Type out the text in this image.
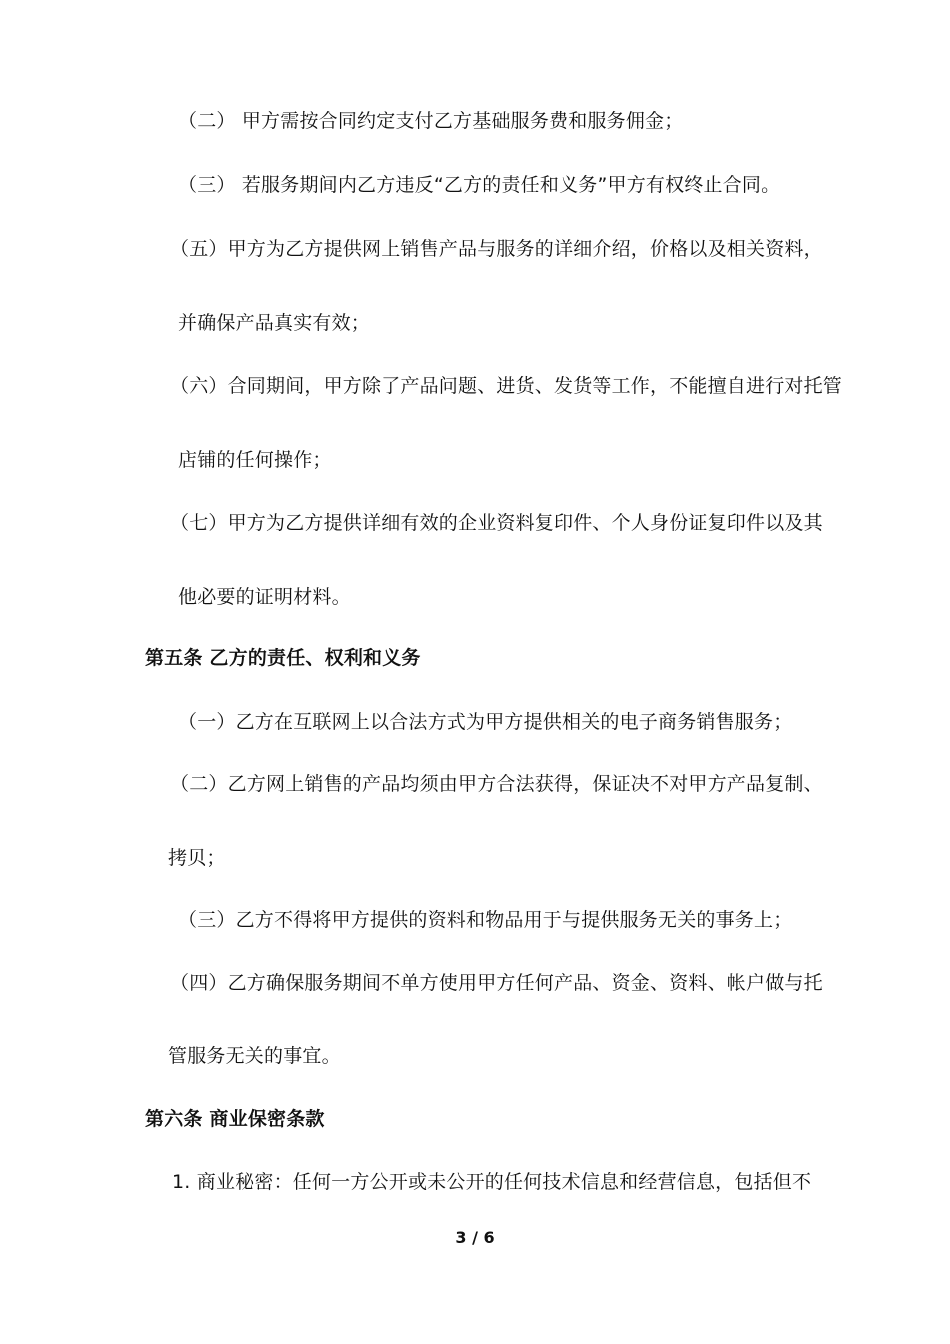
（二） 甲方需按合同约定支付乙方基础服务费和服务佣金；
（三） 若服务期间内乙方违反“乙方的责任和义务”甲方有权终止合同。
（五）甲方为乙方提供网上销售产品与服务的详细介绍，价格以及相关资料，
并确保产品真实有效；
（六）合同期间，甲方除了产品问题、进货、发货等工作，不能擅自进行对托管
店铺的任何操作；
（七）甲方为乙方提供详细有效的企业资料复印件、个人身份证复印件以及其
他必要的证明材料。
第五条 乙方的责任、权利和义务
（一）乙方在互联网上以合法方式为甲方提供相关的电子商务销售服务；
（二）乙方网上销售的产品均须由甲方合法获得，保证决不对甲方产品复制、
拷贝；
（三）乙方不得将甲方提供的资料和物品用于与提供服务无关的事务上；
（四）乙方确保服务期间不单方使用甲方任何产品、资金、资料、帐户做与托
管服务无关的事宜。
第六条 商业保密条款
1. 商业秘密：任何一方公开或未公开的任何技术信息和经营信息，包括但不
3 / 6
